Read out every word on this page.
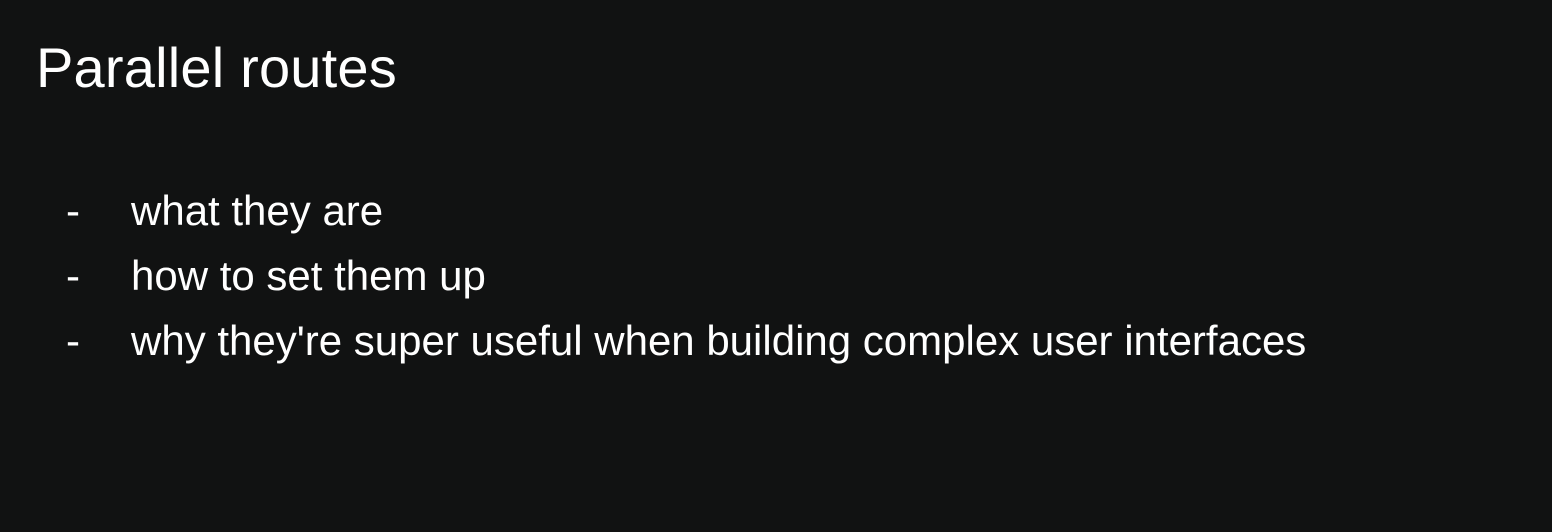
Parallel routes
-	what they are
-	how to set them up
-	why they're super useful when building complex user interfaces
